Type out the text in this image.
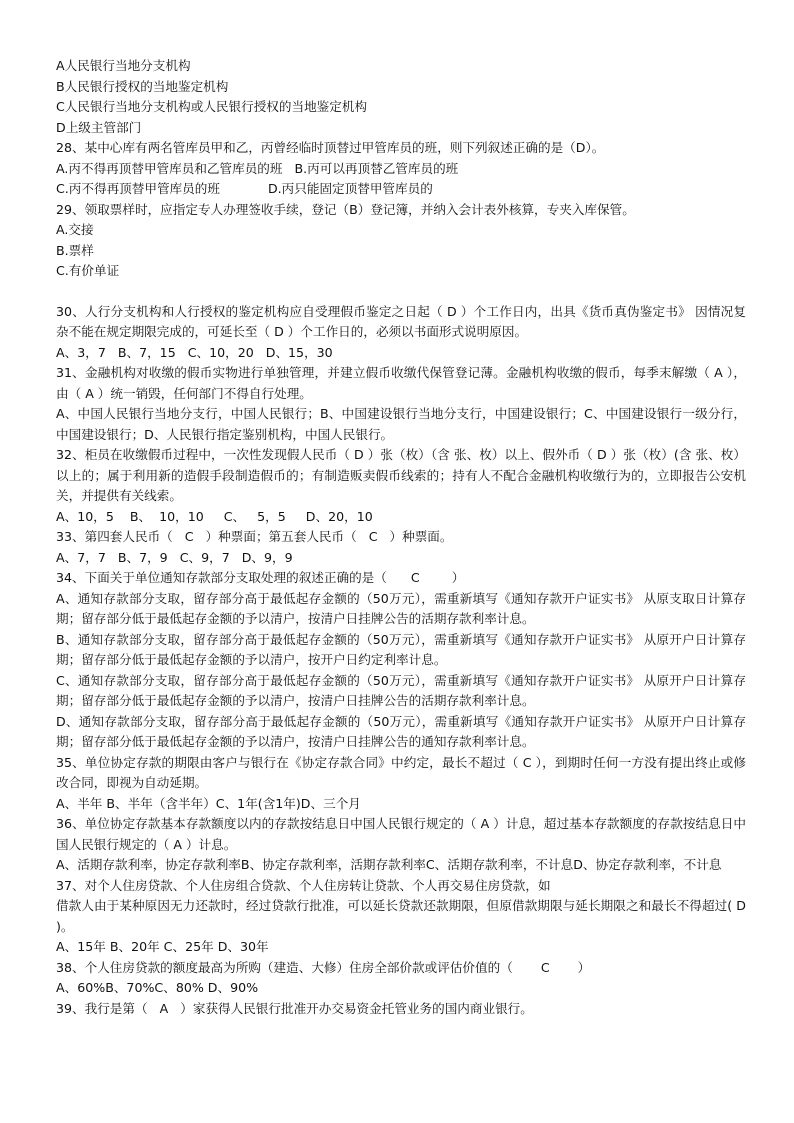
A人民银行当地分支机构
B人民银行授权的当地鉴定机构
C人民银行当地分支机构或人民银行授权的当地鉴定机构
D上级主管部门
28、某中心库有两名管库员甲和乙，丙曾经临时顶替过甲管库员的班，则下列叙述正确的是（D）。
A.丙不得再顶替甲管库员和乙管库员的班   B.丙可以再顶替乙管库员的班
C.丙不得再顶替甲管库员的班            D.丙只能固定顶替甲管库员的
29、领取票样时，应指定专人办理签收手续，登记（B）登记簿，并纳入会计表外核算，专夹入库保管。
A.交接
B.票样
C.有价单证
30、人行分支机构和人行授权的鉴定机构应自受理假币鉴定之日起（ D ）个工作日内，出具《货币真伪鉴定书》 因情况复杂不能在规定期限完成的，可延长至（ D ）个工作日的，必须以书面形式说明原因。
A、3，7   B、7，15   C、10，20   D、15，30
31、金融机构对收缴的假币实物进行单独管理，并建立假币收缴代保管登记薄。金融机构收缴的假币，每季末解缴（ A ），由（ A ）统一销毁，任何部门不得自行处理。
A、中国人民银行当地分支行，中国人民银行；B、中国建设银行当地分支行，中国建设银行；C、中国建设银行一级分行，中国建设银行；D、人民银行指定鉴别机构，中国人民银行。
32、柜员在收缴假币过程中，一次性发现假人民币（ D ）张（枚）（含 张、枚）以上、假外币（ D ）张（枚）(含 张、枚）以上的；属于利用新的造假手段制造假币的；有制造贩卖假币线索的；持有人不配合金融机构收缴行为的，立即报告公安机关，并提供有关线索。
A、10，5    B、  10，10     C、   5，5     D、20，10
33、第四套人民币（   C   ）种票面；第五套人民币（   C   ）种票面。
A、7，7   B、7，9   C、9，7   D、9，9
34、下面关于单位通知存款部分支取处理的叙述正确的是（      C        ）
A、通知存款部分支取，留存部分高于最低起存金额的（50万元），需重新填写《通知存款开户证实书》 从原支取日计算存期；留存部分低于最低起存金额的予以清户，按清户日挂牌公告的活期存款利率计息。
B、通知存款部分支取，留存部分高于最低起存金额的（50万元），需重新填写《通知存款开户证实书》 从原开户日计算存期；留存部分低于最低起存金额的予以清户，按开户日约定利率计息。
C、通知存款部分支取，留存部分高于最低起存金额的（50万元），需重新填写《通知存款开户证实书》 从原开户日计算存期；留存部分低于最低起存金额的予以清户，按清户日挂牌公告的活期存款利率计息。
D、通知存款部分支取，留存部分高于最低起存金额的（50万元），需重新填写《通知存款开户证实书》 从原开户日计算存期；留存部分低于最低起存金额的予以清户，按清户日挂牌公告的通知存款利率计息。
35、单位协定存款的期限由客户与银行在《协定存款合同》中约定，最长不超过（ C ），到期时任何一方没有提出终止或修改合同，即视为自动延期。
A、半年 B、半年（含半年）C、1年(含1年)D、三个月
36、单位协定存款基本存款额度以内的存款按结息日中国人民银行规定的（ A ）计息，超过基本存款额度的存款按结息日中国人民银行规定的（ A ）计息。
A、活期存款利率，协定存款利率B、协定存款利率，活期存款利率C、活期存款利率，不计息D、协定存款利率，不计息
37、对个人住房贷款、个人住房组合贷款、个人住房转让贷款、个人再交易住房贷款，如
借款人由于某种原因无力还款时，经过贷款行批准，可以延长贷款还款期限，但原借款期限与延长期限之和最长不得超过( D )。
A、15年 B、20年 C、25年 D、30年
38、个人住房贷款的额度最高为所购（建造、大修）住房全部价款或评估价值的（       C       ）
A、60%B、70%C、80% D、90%
39、我行是第（   A   ）家获得人民银行批准开办交易资金托管业务的国内商业银行。
